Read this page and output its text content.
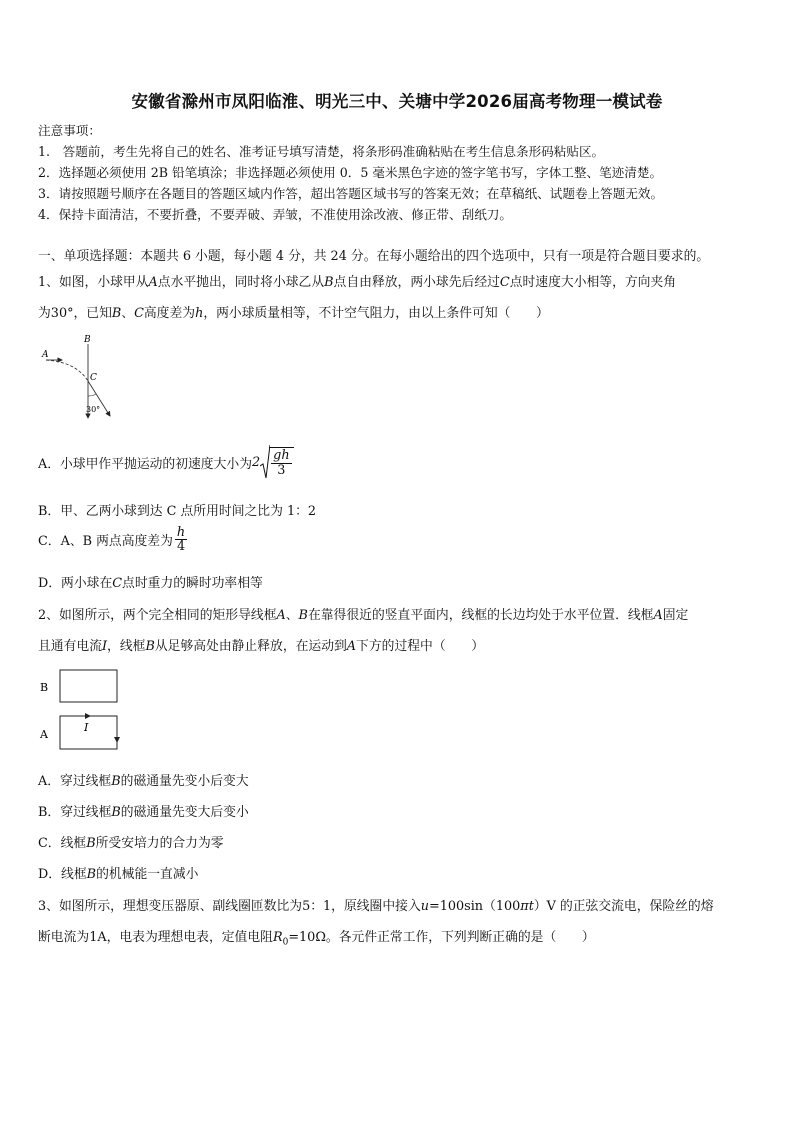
安徽省滁州市凤阳临淮、明光三中、关塘中学2026届高考物理一模试卷
注意事项：
1.　答题前，考生先将自己的姓名、准考证号填写清楚，将条形码准确粘贴在考生信息条形码粘贴区。
2．选择题必须使用 2B 铅笔填涂；非选择题必须使用 0．5 毫米黑色字迹的签字笔书写，字体工整、笔迹清楚。
3．请按照题号顺序在各题目的答题区域内作答，超出答题区域书写的答案无效；在草稿纸、试题卷上答题无效。
4．保持卡面清洁，不要折叠，不要弄破、弄皱，不准使用涂改液、修正带、刮纸刀。
一、单项选择题：本题共 6 小题，每小题 4 分，共 24 分。在每小题给出的四个选项中，只有一项是符合题目要求的。
1、如图，小球甲从A点水平抛出，同时将小球乙从B点自由释放，两小球先后经过C点时速度大小相等，方向夹角
为30°，已知B、C高度差为h，两小球质量相等，不计空气阻力，由以上条件可知（　　）
B
A
C
30°
A．小球甲作平抛运动的初速度大小为 $2 \frac{gh}{3}$
B．甲、乙两小球到达 C 点所用时间之比为 1：2
C．A、B 两点高度差为 $\frac{h}{4}$
D．两小球在C点时重力的瞬时功率相等
2、如图所示，两个完全相同的矩形导线框A、B在靠得很近的竖直平面内，线框的长边均处于水平位置．线框A固定
且通有电流I，线框B从足够高处由静止释放，在运动到A下方的过程中（　　）
B
A
I
A．穿过线框B的磁通量先变小后变大
B．穿过线框B的磁通量先变大后变小
C．线框B所受安培力的合力为零
D．线框B的机械能一直减小
3、如图所示，理想变压器原、副线圈匝数比为5：1，原线圈中接入u=100sin（100πt）V 的正弦交流电，保险丝的熔
断电流为1A，电表为理想电表，定值电阻$R_0=10\Omega$。各元件正常工作，下列判断正确的是（　　）
